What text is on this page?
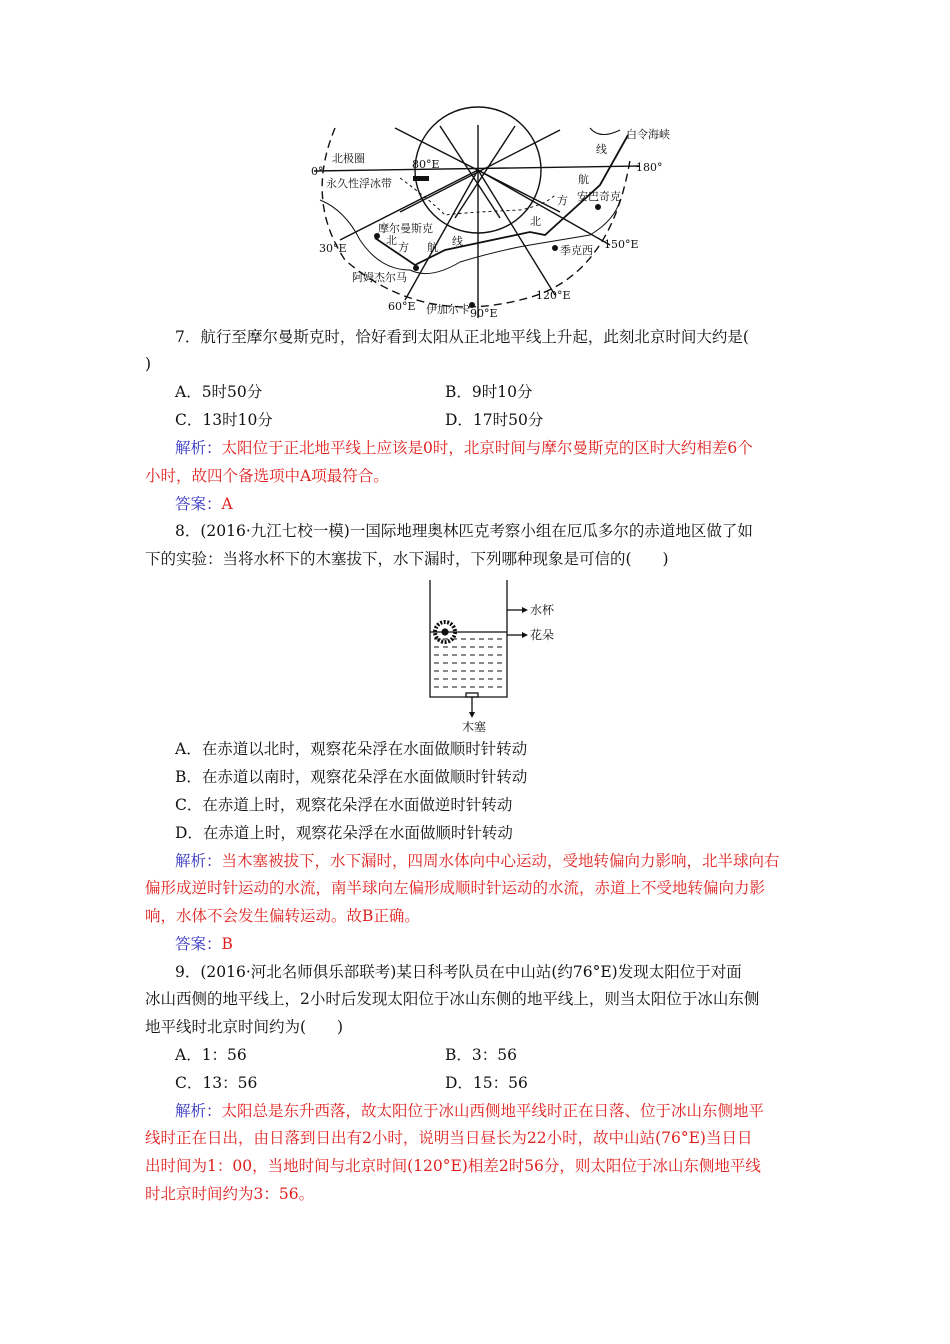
北极圈	80°E
0°
永久性浮冰带
摩尔曼斯克
北
方 航 线
30°E
阿姆杰尔马
60°E 伊加尔卡 90°E
120°E
季克西 150°E
北
方
航
线
安巴奇克
白令海峡
180°
7．航行至摩尔曼斯克时，恰好看到太阳从正北地平线上升起，此刻北京时间大约是(
)
A．5时50分	B．9时10分
C．13时10分	D．17时50分
解析：太阳位于正北地平线上应该是0时，北京时间与摩尔曼斯克的区时大约相差6个
小时，故四个备选项中A项最符合。
答案：A
8．(2016·九江七校一模)一国际地理奥林匹克考察小组在厄瓜多尔的赤道地区做了如
下的实验：当将水杯下的木塞拔下，水下漏时，下列哪种现象是可信的(　　)
水杯
花朵
木塞
A．在赤道以北时，观察花朵浮在水面做顺时针转动
B．在赤道以南时，观察花朵浮在水面做顺时针转动
C．在赤道上时，观察花朵浮在水面做逆时针转动
D．在赤道上时，观察花朵浮在水面做顺时针转动
解析：当木塞被拔下，水下漏时，四周水体向中心运动，受地转偏向力影响，北半球向右
偏形成逆时针运动的水流，南半球向左偏形成顺时针运动的水流，赤道上不受地转偏向力影
响，水体不会发生偏转运动。故B正确。
答案：B
9．(2016·河北名师俱乐部联考)某日科考队员在中山站(约76°E)发现太阳位于对面
冰山西侧的地平线上，2小时后发现太阳位于冰山东侧的地平线上，则当太阳位于冰山东侧
地平线时北京时间约为(　　)
A．1：56	B．3：56
C．13：56	D．15：56
解析：太阳总是东升西落，故太阳位于冰山西侧地平线时正在日落、位于冰山东侧地平
线时正在日出，由日落到日出有2小时，说明当日昼长为22小时，故中山站(76°E)当日日
出时间为1：00，当地时间与北京时间(120°E)相差2时56分，则太阳位于冰山东侧地平线
时北京时间约为3：56。
